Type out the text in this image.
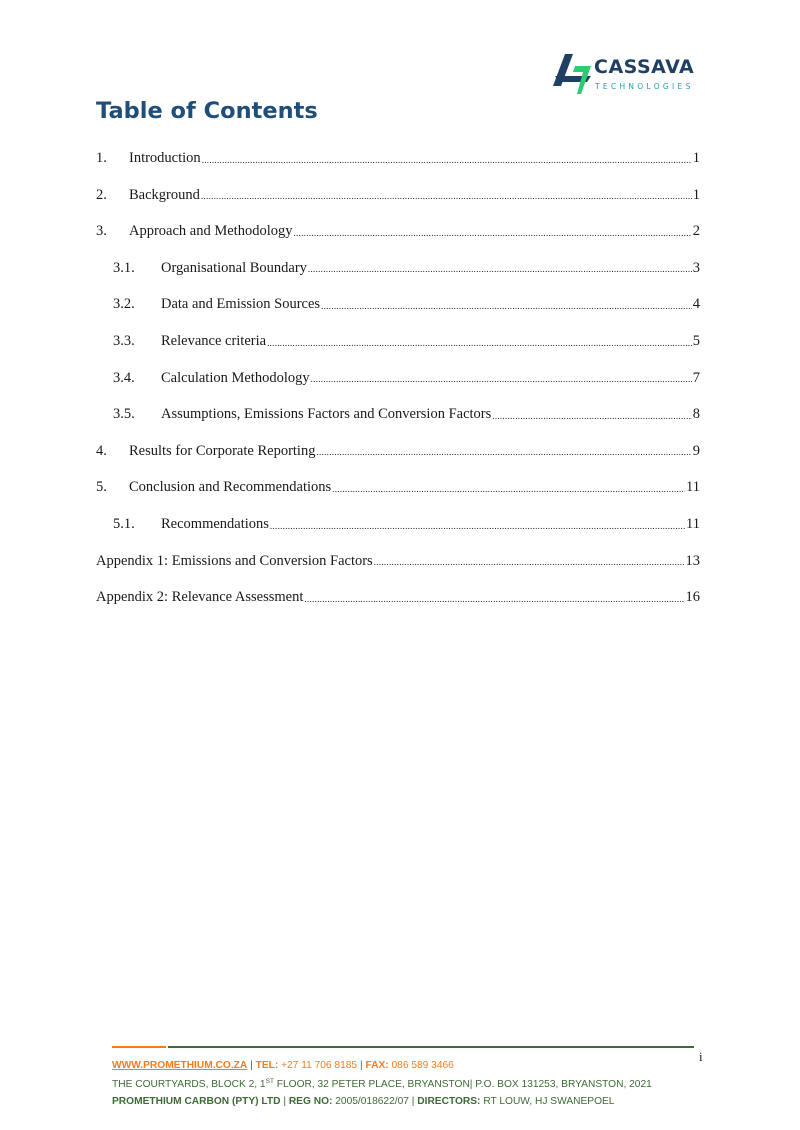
CASSAVA
TECHNOLOGIES
Table of Contents
1.	Introduction .....	1
2.	Background .....	1
3.	Approach and Methodology .....	2
3.1.	Organisational Boundary .....	3
3.2.	Data and Emission Sources .....	4
3.3.	Relevance criteria .....	5
3.4.	Calculation Methodology .....	7
3.5.	Assumptions, Emissions Factors and Conversion Factors .....	8
4.	Results for Corporate Reporting .....	9
5.	Conclusion and Recommendations .....	11
5.1.	Recommendations .....	11
Appendix 1: Emissions and Conversion Factors .....	13
Appendix 2: Relevance Assessment .....	16
i
WWW.PROMETHIUM.CO.ZA | TEL: +27 11 706 8185 | FAX: 086 589 3466
THE COURTYARDS, BLOCK 2, 1ST FLOOR, 32 PETER PLACE, BRYANSTON| P.O. BOX 131253, BRYANSTON, 2021
PROMETHIUM CARBON (PTY) LTD | REG NO: 2005/018622/07 | DIRECTORS: RT LOUW, HJ SWANEPOEL
